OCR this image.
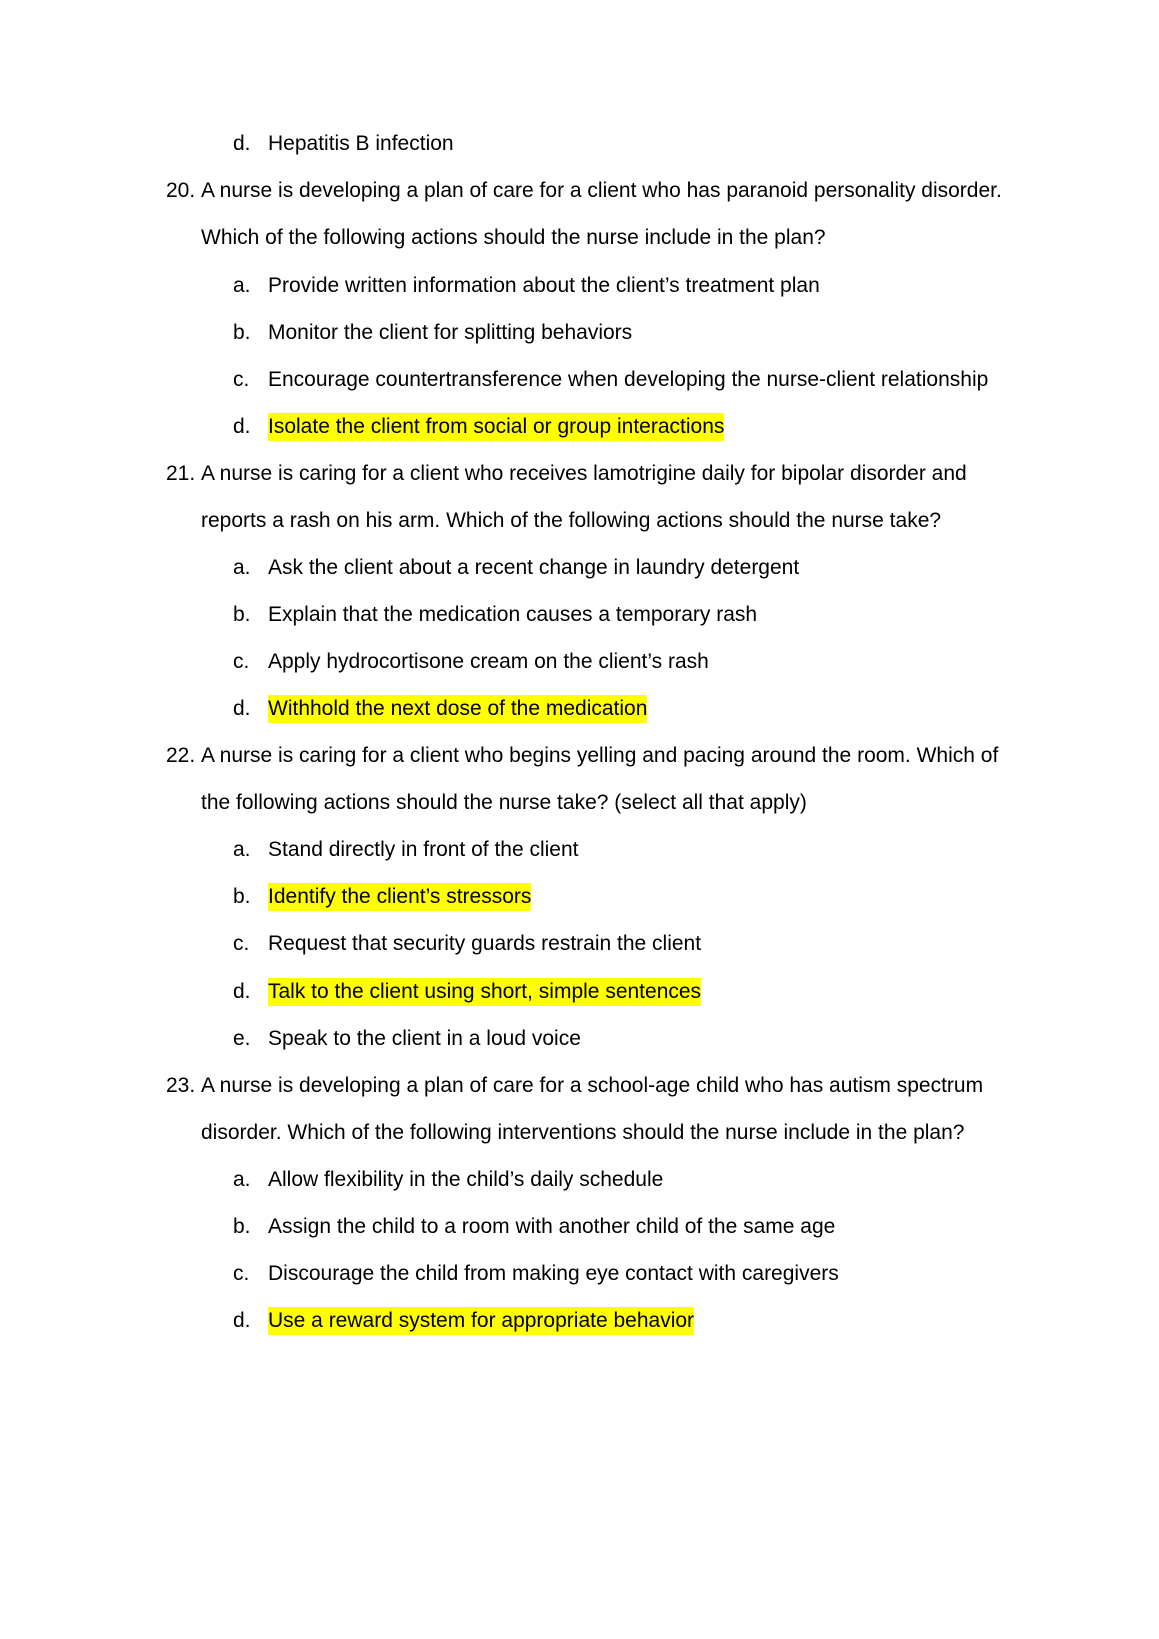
d. Hepatitis B infection
20. A nurse is developing a plan of care for a client who has paranoid personality disorder.
Which of the following actions should the nurse include in the plan?
a. Provide written information about the client’s treatment plan
b. Monitor the client for splitting behaviors
c. Encourage countertransference when developing the nurse-client relationship
d. Isolate the client from social or group interactions
21. A nurse is caring for a client who receives lamotrigine daily for bipolar disorder and
reports a rash on his arm. Which of the following actions should the nurse take?
a. Ask the client about a recent change in laundry detergent
b. Explain that the medication causes a temporary rash
c. Apply hydrocortisone cream on the client’s rash
d. Withhold the next dose of the medication
22. A nurse is caring for a client who begins yelling and pacing around the room. Which of
the following actions should the nurse take? (select all that apply)
a. Stand directly in front of the client
b. Identify the client’s stressors
c. Request that security guards restrain the client
d. Talk to the client using short, simple sentences
e. Speak to the client in a loud voice
23. A nurse is developing a plan of care for a school-age child who has autism spectrum
disorder. Which of the following interventions should the nurse include in the plan?
a. Allow flexibility in the child’s daily schedule
b. Assign the child to a room with another child of the same age
c. Discourage the child from making eye contact with caregivers
d. Use a reward system for appropriate behavior
